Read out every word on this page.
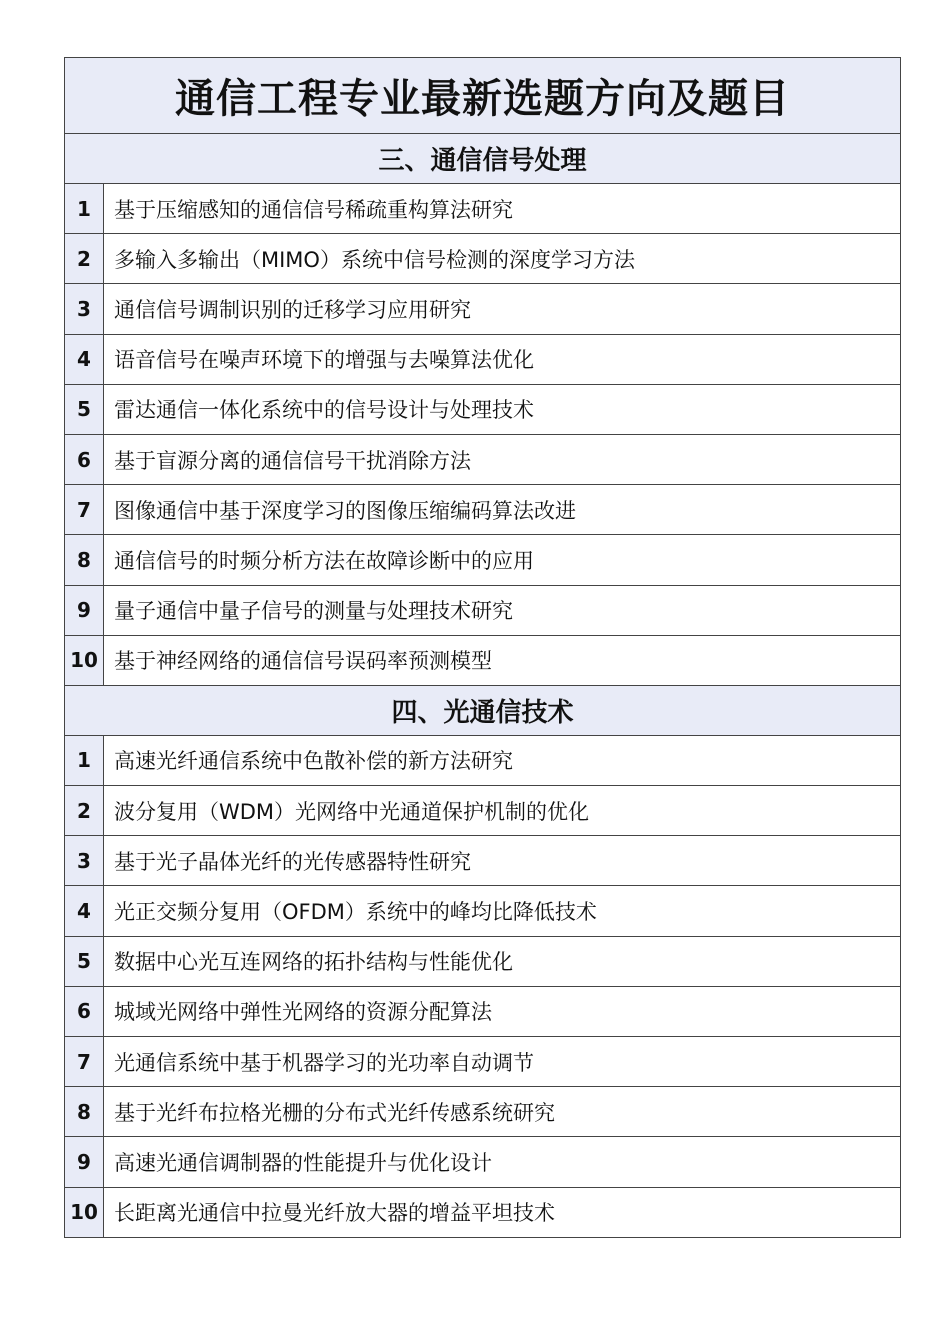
通信工程专业最新选题方向及题目
三、通信信号处理
1	基于压缩感知的通信信号稀疏重构算法研究
2	多输入多输出（MIMO）系统中信号检测的深度学习方法
3	通信信号调制识别的迁移学习应用研究
4	语音信号在噪声环境下的增强与去噪算法优化
5	雷达通信一体化系统中的信号设计与处理技术
6	基于盲源分离的通信信号干扰消除方法
7	图像通信中基于深度学习的图像压缩编码算法改进
8	通信信号的时频分析方法在故障诊断中的应用
9	量子通信中量子信号的测量与处理技术研究
10 基于神经网络的通信信号误码率预测模型
四、光通信技术
1	高速光纤通信系统中色散补偿的新方法研究
2	波分复用（WDM）光网络中光通道保护机制的优化
3	基于光子晶体光纤的光传感器特性研究
4	光正交频分复用（OFDM）系统中的峰均比降低技术
5	数据中心光互连网络的拓扑结构与性能优化
6	城域光网络中弹性光网络的资源分配算法
7	光通信系统中基于机器学习的光功率自动调节
8	基于光纤布拉格光栅的分布式光纤传感系统研究
9	高速光通信调制器的性能提升与优化设计
10 长距离光通信中拉曼光纤放大器的增益平坦技术
